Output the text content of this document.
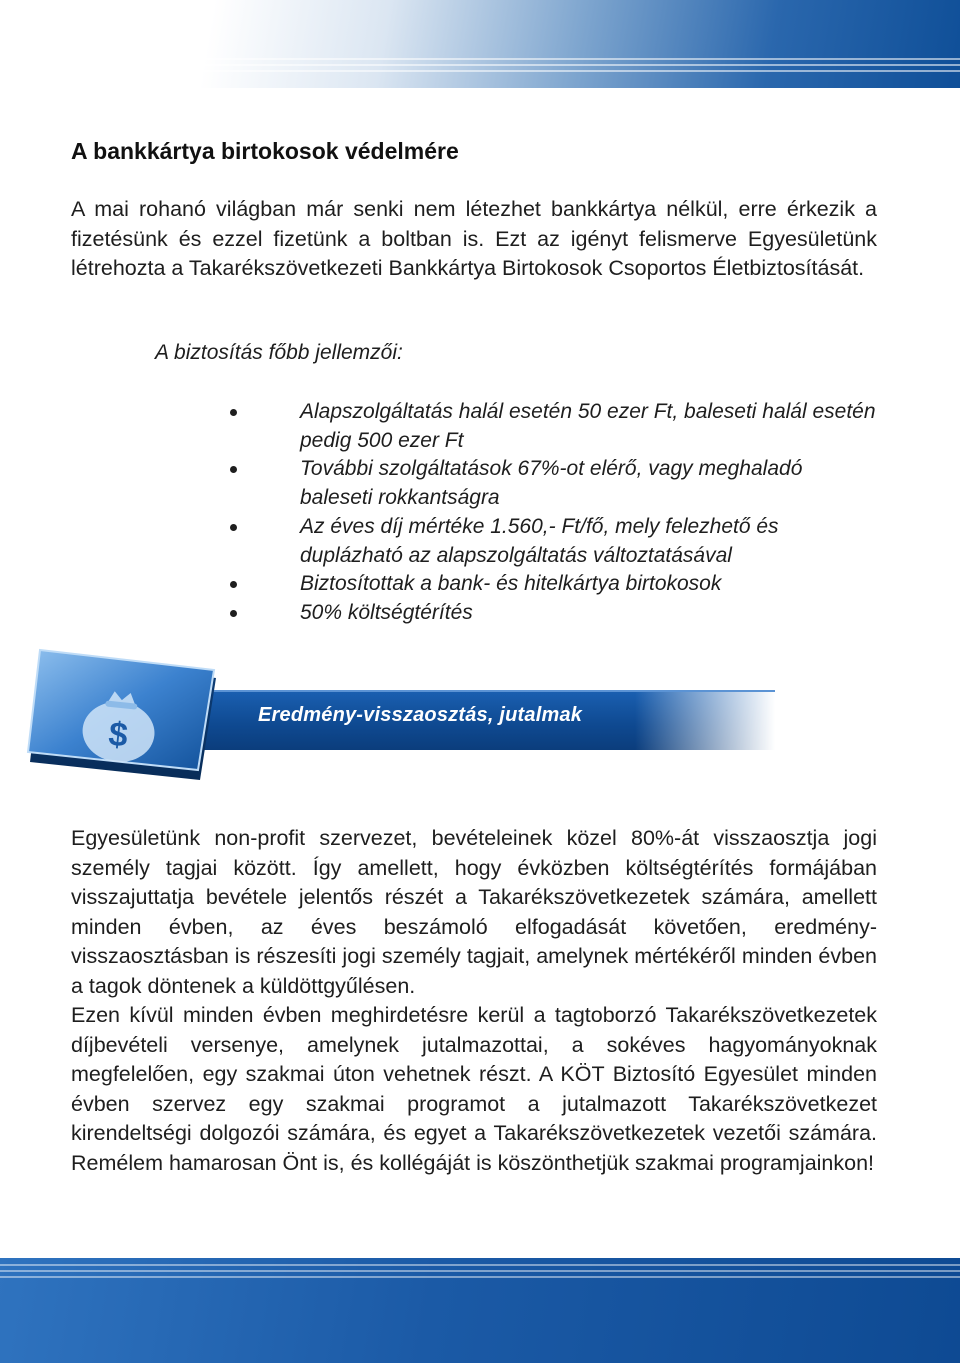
A bankkártya birtokosok védelmére
A mai rohanó világban már senki nem létezhet bankkártya nélkül, erre érkezik a fizetésünk és ezzel fizetünk a boltban is. Ezt az igényt felismerve Egyesületünk létrehozta a Takarékszövetkezeti Bankkártya Birtokosok Csoportos Életbiztosítását.
A biztosítás főbb jellemzői:
Alapszolgáltatás halál esetén 50 ezer Ft, baleseti halál esetén pedig 500 ezer Ft
További szolgáltatások 67%-ot elérő, vagy meghaladó baleseti rokkantságra
Az éves díj mértéke 1.560,- Ft/fő, mely felezhető és duplázható az alapszolgáltatás változtatásával
Biztosítottak a bank- és hitelkártya birtokosok
50% költségtérítés
$
Eredmény-visszaosztás, jutalmak
Egyesületünk non-profit szervezet, bevételeinek közel 80%-át visszaosztja jogi személy tagjai között. Így amellett, hogy évközben költségtérítés formájában visszajuttatja bevétele jelentős részét a Takarékszövetkezetek számára, amellett minden évben, az éves beszámoló elfogadását követően, eredmény-visszaosztásban is részesíti jogi személy tagjait, amelynek mértékéről minden évben a tagok döntenek a küldöttgyűlésen.
Ezen kívül minden évben meghirdetésre kerül a tagtoborzó Takarékszövetkezetek díjbevételi versenye, amelynek jutalmazottai, a sokéves hagyományoknak megfelelően, egy szakmai úton vehetnek részt. A KÖT Biztosító Egyesület minden évben szervez egy szakmai programot a jutalmazott Takarékszövetkezet kirendeltségi dolgozói számára, és egyet a Takarékszövetkezetek vezetői számára. Remélem hamarosan Önt is, és kollégáját is köszönthetjük szakmai programjainkon!
